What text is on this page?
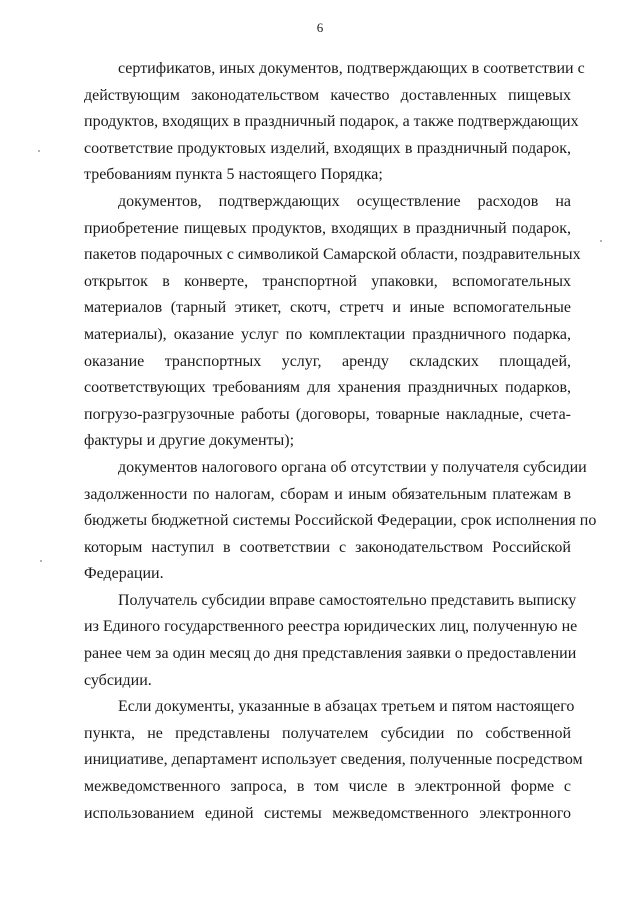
6
сертификатов, иных документов, подтверждающих в соответствии с
действующим законодательством качество доставленных пищевых
продуктов, входящих в праздничный подарок, а также подтверждающих
соответствие продуктовых изделий, входящих в праздничный подарок,
требованиям пункта 5 настоящего Порядка;
документов, подтверждающих осуществление расходов на
приобретение пищевых продуктов, входящих в праздничный подарок,
пакетов подарочных с символикой Самарской области, поздравительных
открыток в конверте, транспортной упаковки, вспомогательных
материалов (тарный этикет, скотч, стретч и иные вспомогательные
материалы), оказание услуг по комплектации праздничного подарка,
оказание транспортных услуг, аренду складских площадей,
соответствующих требованиям для хранения праздничных подарков,
погрузо-разгрузочные работы (договоры, товарные накладные, счета-
фактуры и другие документы);
документов налогового органа об отсутствии у получателя субсидии
задолженности по налогам, сборам и иным обязательным платежам в
бюджеты бюджетной системы Российской Федерации, срок исполнения по
которым наступил в соответствии с законодательством Российской
Федерации.
Получатель субсидии вправе самостоятельно представить выписку
из Единого государственного реестра юридических лиц, полученную не
ранее чем за один месяц до дня представления заявки о предоставлении
субсидии.
Если документы, указанные в абзацах третьем и пятом настоящего
пункта, не представлены получателем субсидии по собственной
инициативе, департамент использует сведения, полученные посредством
межведомственного запроса, в том числе в электронной форме с
использованием единой системы межведомственного электронного
